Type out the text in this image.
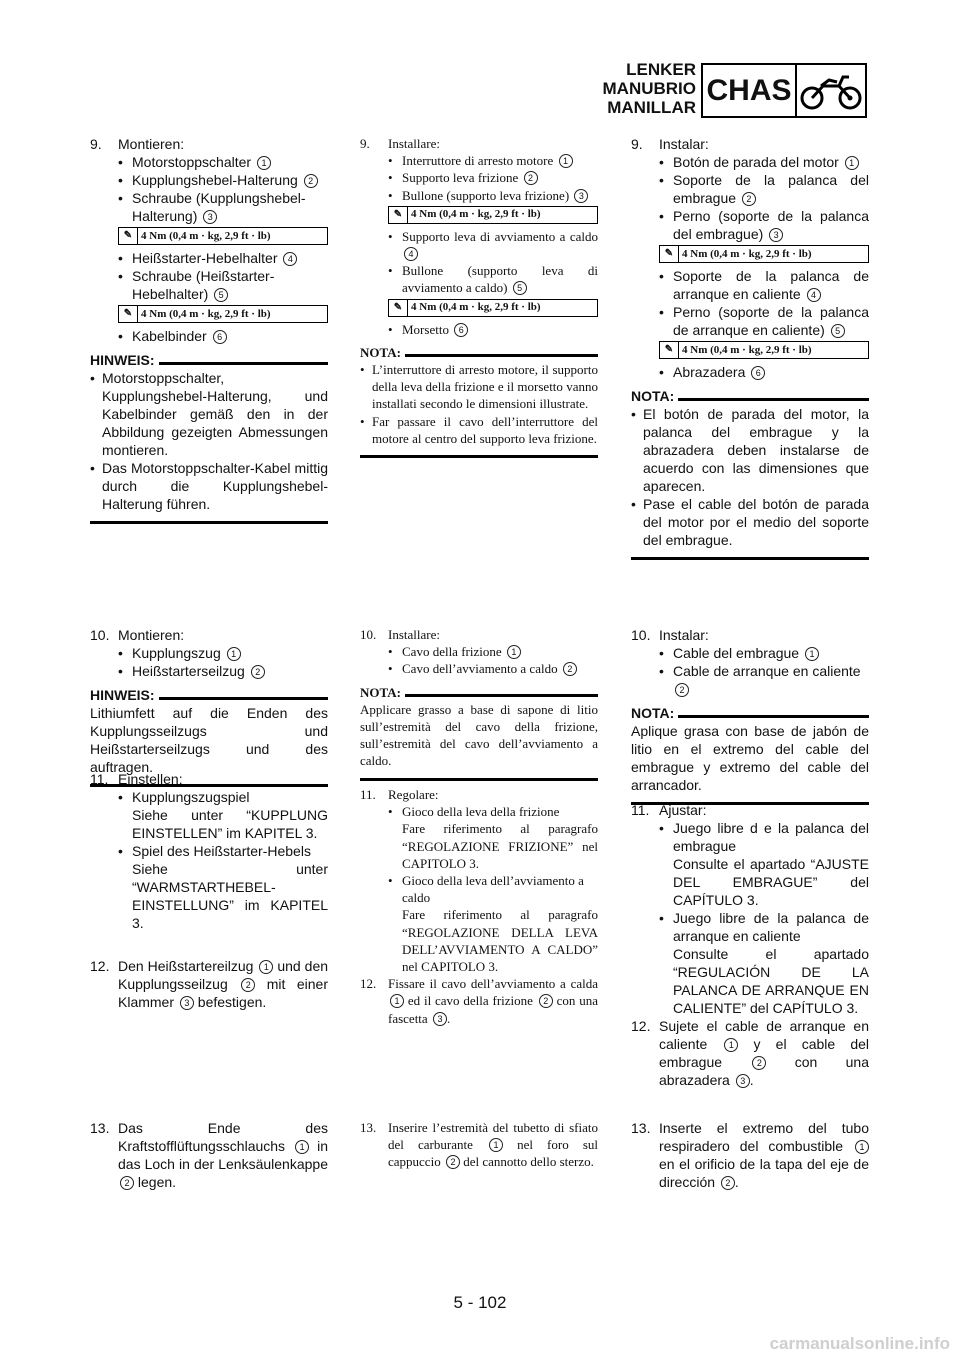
LENKER
MANUBRIO
MANILLAR
CHAS
9.	Montieren:
• Motorstoppschalter 1
• Kupplungshebel-Halterung 2
• Schraube (Kupplungshebel-Halterung) 3
✎ 4 Nm (0,4 m · kg, 2,9 ft · lb)
• Heißstarter-Hebelhalter 4
• Schraube (Heißstarter-Hebelhalter) 5
✎ 4 Nm (0,4 m · kg, 2,9 ft · lb)
• Kabelbinder 6
HINWEIS:
• Motorstoppschalter, Kupplungshebel-Halterung, und Kabelbinder gemäß den in der Abbildung gezeigten Abmessungen montieren.
• Das Motorstoppschalter-Kabel mittig durch die Kupplungshebel-Halterung führen.
10. Montieren:
• Kupplungszug 1
• Heißstarterseilzug 2
HINWEIS:
Lithiumfett auf die Enden des Kupplungsseilzugs und Heißstarterseilzugs und des auftragen.
11. Einstellen:
• Kupplungszugspiel
Siehe unter “KUPPLUNG EINSTELLEN” im KAPITEL 3.
• Spiel des Heißstarter-Hebels
Siehe unter “WARMSTARTHEBEL-EINSTELLUNG” im KAPITEL 3.
12. Den Heißstartereilzug 1 und den Kupplungsseilzug 2 mit einer Klammer 3 befestigen.
13. Das Ende des Kraftstofflüftungsschlauchs 1 in das Loch in der Lenksäulenkappe 2 legen.
9.	Installare:
• Interruttore di arresto motore 1
• Supporto leva frizione 2
• Bullone (supporto leva frizione) 3
✎ 4 Nm (0,4 m · kg, 2,9 ft · lb)
• Supporto leva di avviamento a caldo 4
• Bullone (supporto leva di avviamento a caldo) 5
✎ 4 Nm (0,4 m · kg, 2,9 ft · lb)
• Morsetto 6
NOTA:
• L’interruttore di arresto motore, il supporto della leva della frizione e il morsetto vanno installati secondo le dimensioni illustrate.
• Far passare il cavo dell’interruttore del motore al centro del supporto leva frizione.
10. Installare:
• Cavo della frizione 1
• Cavo dell’avviamento a caldo 2
NOTA:
Applicare grasso a base di sapone di litio sull’estremità del cavo della frizione, sull’estremità del cavo dell’avviamento a caldo.
11. Regolare:
• Gioco della leva della frizione
Fare riferimento al paragrafo “REGOLAZIONE FRIZIONE” nel CAPITOLO 3.
• Gioco della leva dell’avviamento a caldo
Fare riferimento al paragrafo “REGOLAZIONE DELLA LEVA DELL’AVVIAMENTO A CALDO” nel CAPITOLO 3.
12. Fissare il cavo dell’avviamento a calda 1 ed il cavo della frizione 2 con una fascetta 3 .
13. Inserire l’estremità del tubetto di sfiato del carburante 1 nel foro sul cappuccio 2 del cannotto dello sterzo.
9.	Instalar:
• Botón de parada del motor 1
• Soporte de la palanca del embrague 2
• Perno (soporte de la palanca del embrague) 3
✎ 4 Nm (0,4 m · kg, 2,9 ft · lb)
• Soporte de la palanca de arranque en caliente 4
• Perno (soporte de la palanca de arranque en caliente) 5
✎ 4 Nm (0,4 m · kg, 2,9 ft · lb)
• Abrazadera 6
NOTA:
• El botón de parada del motor, la palanca del embrague y la abrazadera deben instalarse de acuerdo con las dimensiones que aparecen.
• Pase el cable del botón de parada del motor por el medio del soporte del embrague.
10. Instalar:
• Cable del embrague 1
• Cable de arranque en caliente 2
NOTA:
Aplique grasa con base de jabón de litio en el extremo del cable del embrague y extremo del cable del arrancador.
11. Ajustar:
• Juego libre d e la palanca del embrague
Consulte el apartado “AJUSTE DEL EMBRAGUE” del CAPÍTULO 3.
• Juego libre de la palanca de arranque en caliente
Consulte el apartado “REGULACIÓN DE LA PALANCA DE ARRANQUE EN CALIENTE” del CAPÍTULO 3.
12. Sujete el cable de arranque en caliente 1 y el cable del embrague	2 con una abrazadera 3 .
13. Inserte el extremo del tubo respiradero del combustible 1 en el orificio de la tapa del eje de dirección 2 .
5 - 102
carmanualsonline.info
